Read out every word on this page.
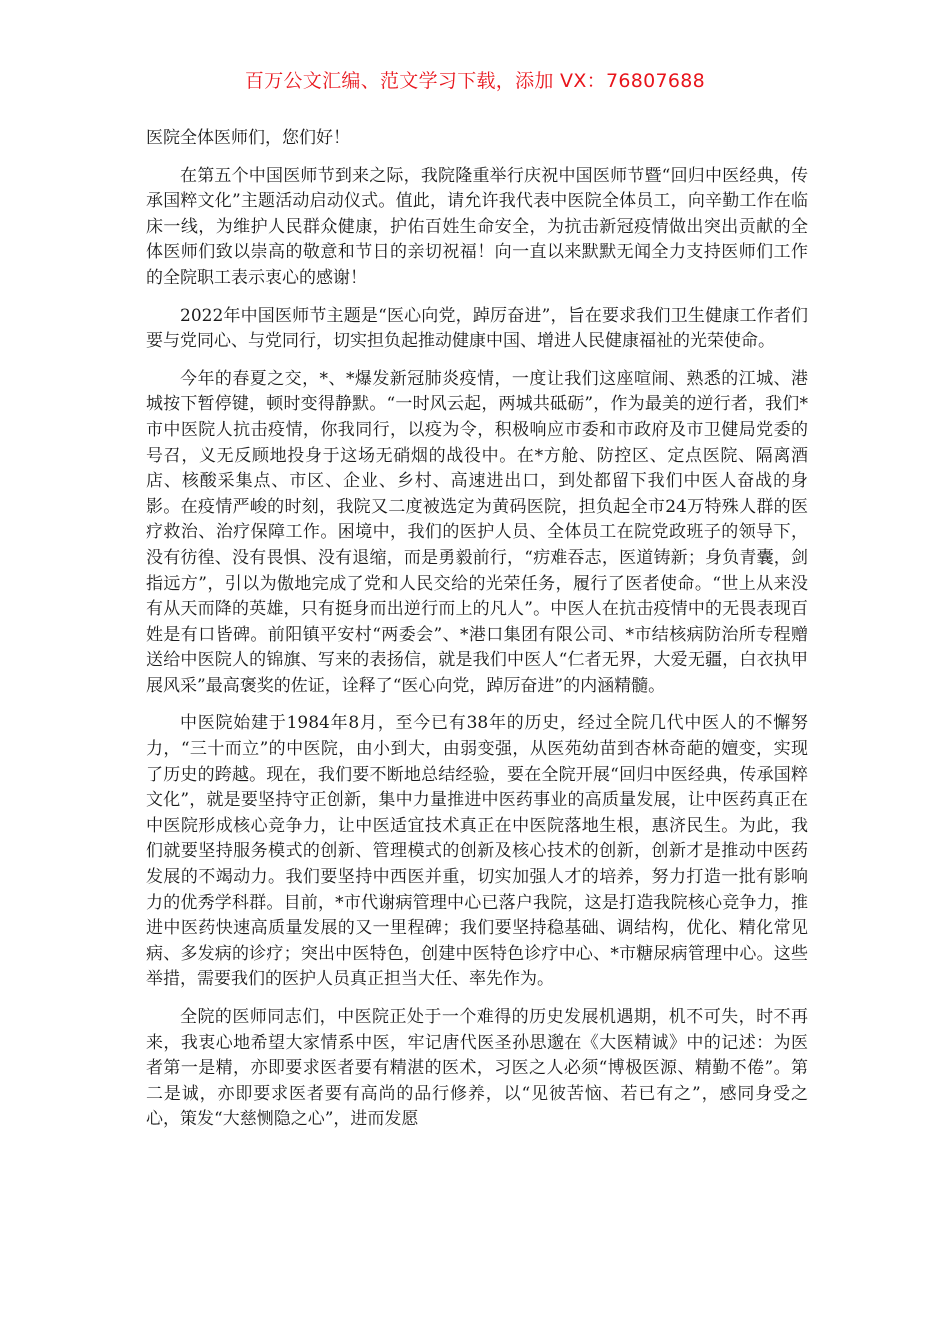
百万公文汇编、范文学习下载，添加 VX：76807688

医院全体医师们，您们好！

在第五个中国医师节到来之际，我院隆重举行庆祝中国医师节暨“回归中医经典，传承国粹文化”主题活动启动仪式。值此，请允许我代表中医院全体员工，向辛勤工作在临床一线，为维护人民群众健康，护佑百姓生命安全，为抗击新冠疫情做出突出贡献的全体医师们致以崇高的敬意和节日的亲切祝福！向一直以来默默无闻全力支持医师们工作的全院职工表示衷心的感谢！

2022年中国医师节主题是“医心向党，踔厉奋进”，旨在要求我们卫生健康工作者们要与党同心、与党同行，切实担负起推动健康中国、增进人民健康福祉的光荣使命。

今年的春夏之交，*、*爆发新冠肺炎疫情，一度让我们这座喧闹、熟悉的江城、港城按下暂停键，顿时变得静默。“一时风云起，两城共砥砺”，作为最美的逆行者，我们*市中医院人抗击疫情，你我同行，以疫为令，积极响应市委和市政府及市卫健局党委的号召，义无反顾地投身于这场无硝烟的战役中。在*方舱、防控区、定点医院、隔离酒店、核酸采集点、市区、企业、乡村、高速进出口，到处都留下我们中医人奋战的身影。在疫情严峻的时刻，我院又二度被选定为黄码医院，担负起全市24万特殊人群的医疗救治、治疗保障工作。困境中，我们的医护人员、全体员工在院党政班子的领导下，没有彷徨、没有畏惧、没有退缩，而是勇毅前行，“疠难吞志，医道铸新；身负青囊，剑指远方”，引以为傲地完成了党和人民交给的光荣任务，履行了医者使命。“世上从来没有从天而降的英雄，只有挺身而出逆行而上的凡人”。中医人在抗击疫情中的无畏表现百姓是有口皆碑。前阳镇平安村“两委会”、*港口集团有限公司、*市结核病防治所专程赠送给中医院人的锦旗、写来的表扬信，就是我们中医人“仁者无界，大爱无疆，白衣执甲展风采”最高褒奖的佐证，诠释了“医心向党，踔厉奋进”的内涵精髓。

中医院始建于1984年8月，至今已有38年的历史，经过全院几代中医人的不懈努力，“三十而立”的中医院，由小到大，由弱变强，从医苑幼苗到杏林奇葩的嬗变，实现了历史的跨越。现在，我们要不断地总结经验，要在全院开展“回归中医经典，传承国粹文化”，就是要坚持守正创新，集中力量推进中医药事业的高质量发展，让中医药真正在中医院形成核心竞争力，让中医适宜技术真正在中医院落地生根，惠济民生。为此，我们就要坚持服务模式的创新、管理模式的创新及核心技术的创新，创新才是推动中医药发展的不竭动力。我们要坚持中西医并重，切实加强人才的培养，努力打造一批有影响力的优秀学科群。目前，*市代谢病管理中心已落户我院，这是打造我院核心竞争力，推进中医药快速高质量发展的又一里程碑；我们要坚持稳基础、调结构，优化、精化常见病、多发病的诊疗；突出中医特色，创建中医特色诊疗中心、*市糖尿病管理中心。这些举措，需要我们的医护人员真正担当大任、率先作为。

全院的医师同志们，中医院正处于一个难得的历史发展机遇期，机不可失，时不再来，我衷心地希望大家情系中医，牢记唐代医圣孙思邈在《大医精诚》中的记述：为医者第一是精，亦即要求医者要有精湛的医术，习医之人必须“博极医源、精勤不倦”。第二是诚，亦即要求医者要有高尚的品行修养，以“见彼苦恼、若已有之”，感同身受之心，策发“大慈恻隐之心”，进而发愿
